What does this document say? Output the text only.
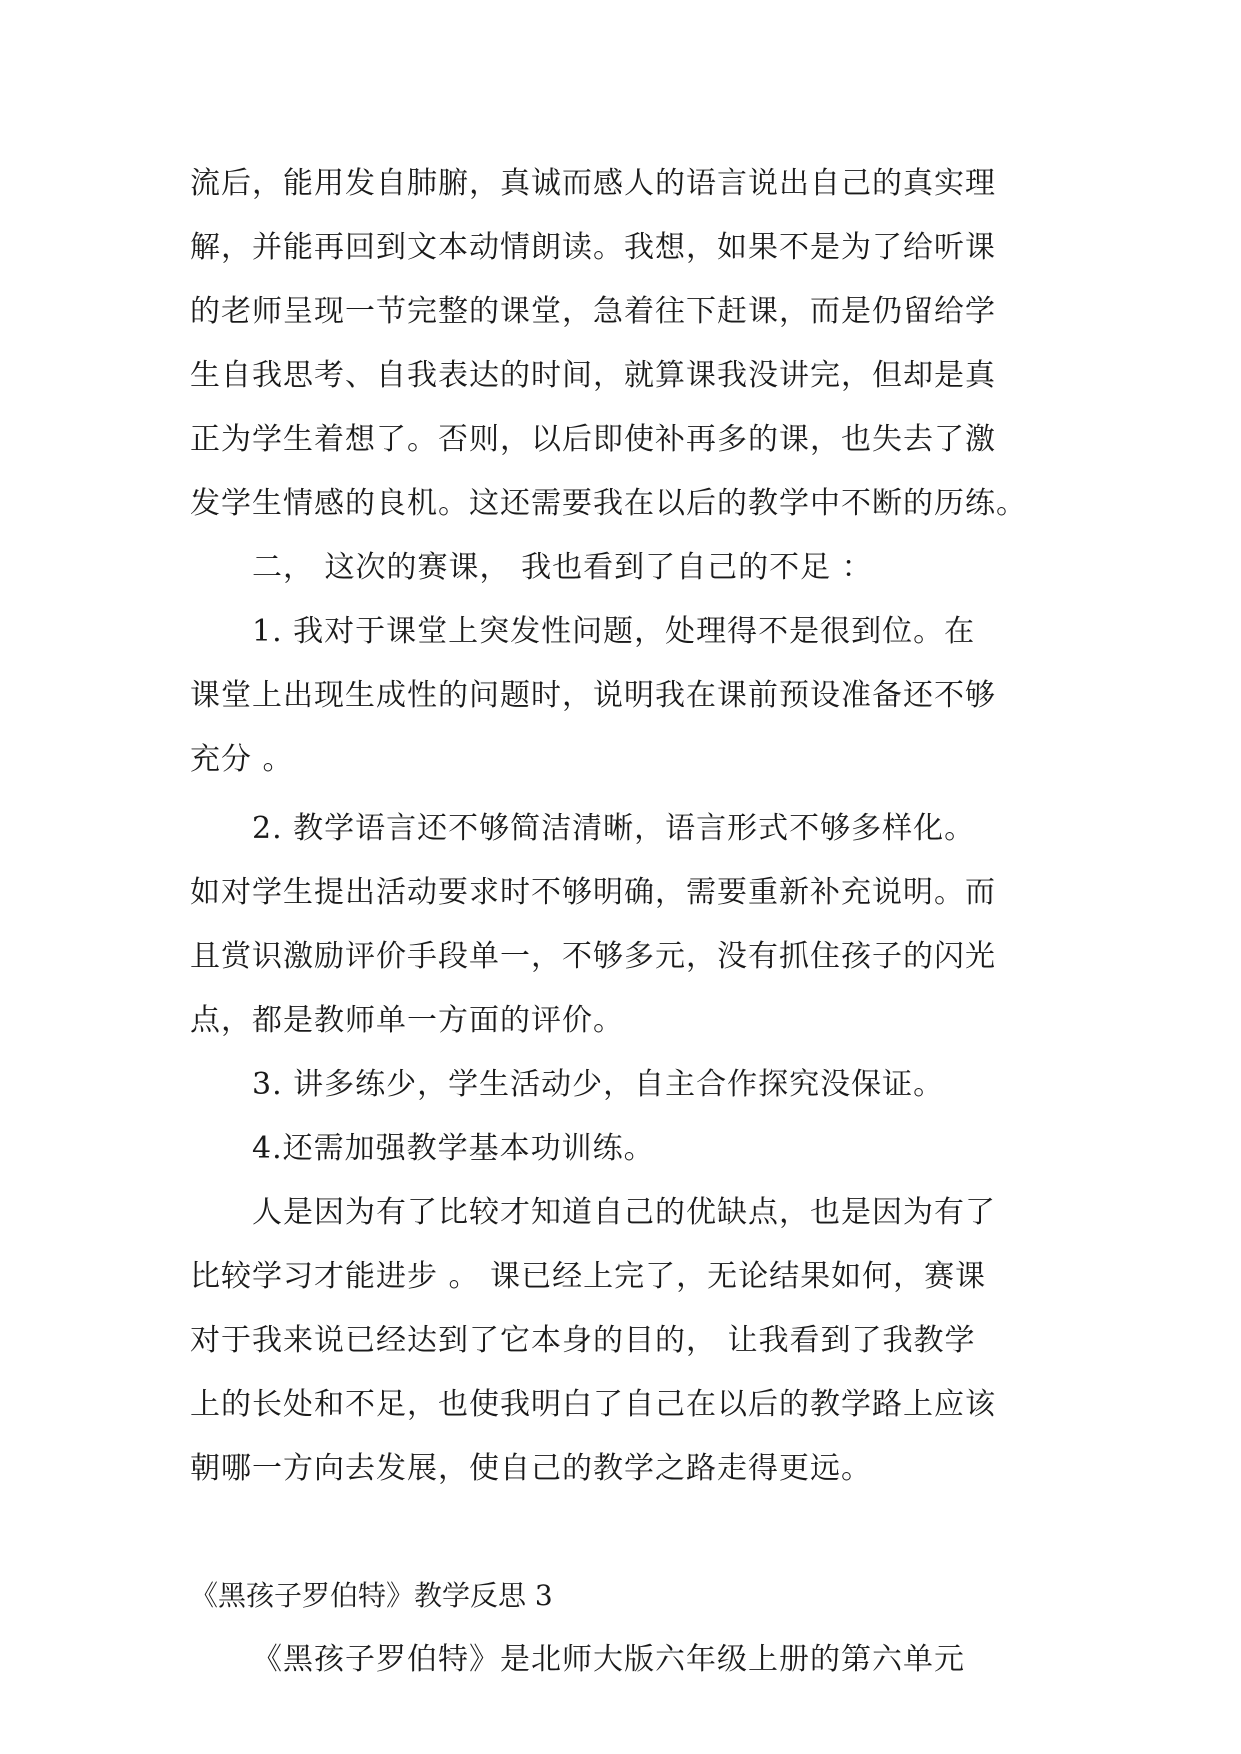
流后，能用发自肺腑，真诚而感人的语言说出自己的真实理
解，并能再回到文本动情朗读。我想，如果不是为了给听课
的老师呈现一节完整的课堂，急着往下赶课，而是仍留给学
生自我思考、自我表达的时间，就算课我没讲完，但却是真
正为学生着想了。否则，以后即使补再多的课，也失去了激
发学生情感的良机。这还需要我在以后的教学中不断的历练。
二， 这次的赛课， 我也看到了自己的不足 ：
1. 我对于课堂上突发性问题，处理得不是很到位。在
课堂上出现生成性的问题时，说明我在课前预设准备还不够
充分 。
2. 教学语言还不够简洁清晰，语言形式不够多样化。
如对学生提出活动要求时不够明确，需要重新补充说明。而
且赏识激励评价手段单一，不够多元，没有抓住孩子的闪光
点，都是教师单一方面的评价。
3. 讲多练少，学生活动少，自主合作探究没保证。
4.还需加强教学基本功训练。
人是因为有了比较才知道自己的优缺点，也是因为有了
比较学习才能进步 。 课已经上完了，无论结果如何，赛课
对于我来说已经达到了它本身的目的， 让我看到了我教学
上的长处和不足，也使我明白了自己在以后的教学路上应该
朝哪一方向去发展，使自己的教学之路走得更远。
《黑孩子罗伯特》教学反思 3
《黑孩子罗伯特》是北师大版六年级上册的第六单元
